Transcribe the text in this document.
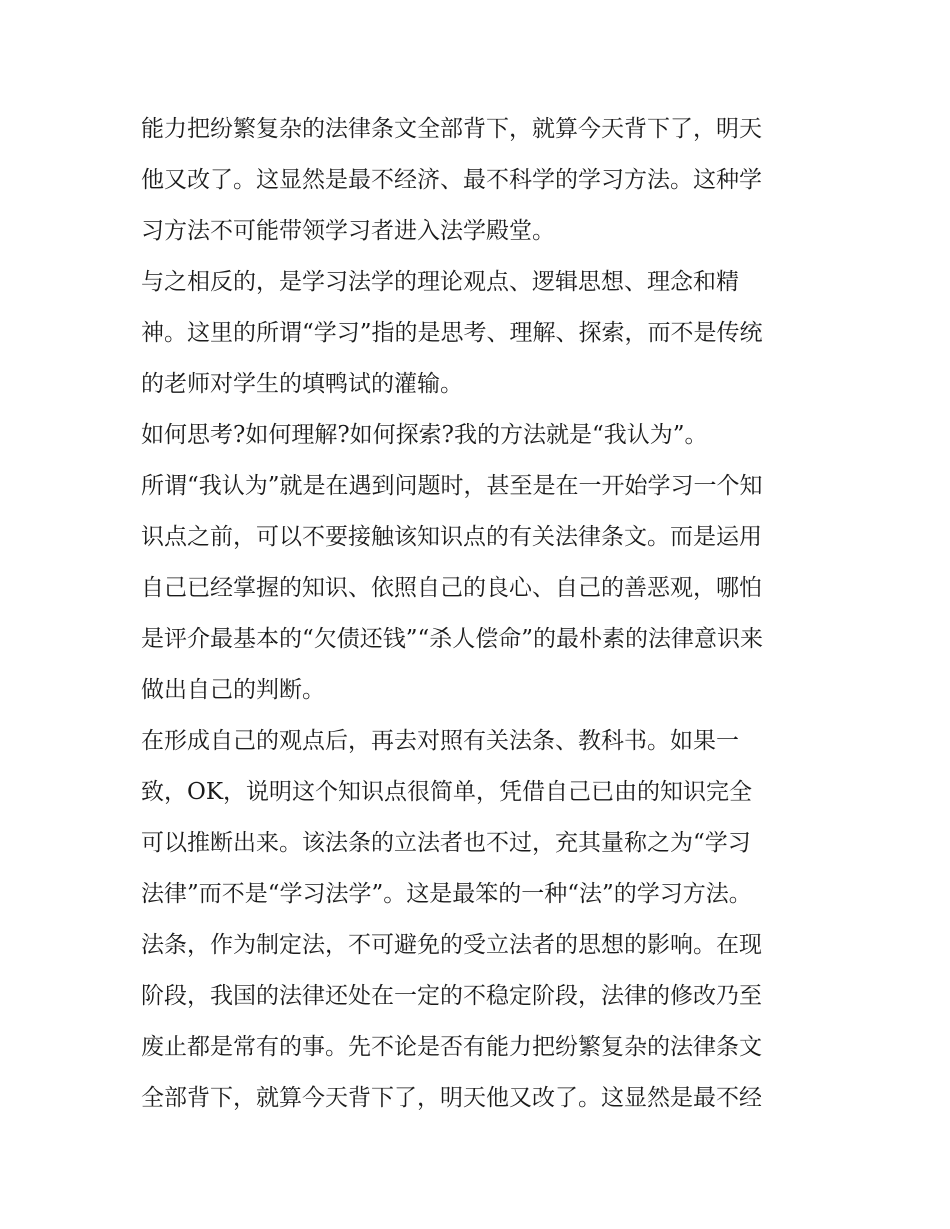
能力把纷繁复杂的法律条文全部背下，就算今天背下了，明天
他又改了。这显然是最不经济、最不科学的学习方法。这种学
习方法不可能带领学习者进入法学殿堂。
与之相反的，是学习法学的理论观点、逻辑思想、理念和精
神。这里的所谓“学习”指的是思考、理解、探索，而不是传统
的老师对学生的填鸭试的灌输。
如何思考?如何理解?如何探索?我的方法就是“我认为”。
所谓“我认为”就是在遇到问题时，甚至是在一开始学习一个知
识点之前，可以不要接触该知识点的有关法律条文。而是运用
自己已经掌握的知识、依照自己的良心、自己的善恶观，哪怕
是评介最基本的“欠债还钱”“杀人偿命”的最朴素的法律意识来
做出自己的判断。
在形成自己的观点后，再去对照有关法条、教科书。如果一
致，OK，说明这个知识点很简单，凭借自己已由的知识完全
可以推断出来。该法条的立法者也不过，充其量称之为“学习
法律”而不是“学习法学”。这是最笨的一种“法”的学习方法。
法条，作为制定法，不可避免的受立法者的思想的影响。在现
阶段，我国的法律还处在一定的不稳定阶段，法律的修改乃至
废止都是常有的事。先不论是否有能力把纷繁复杂的法律条文
全部背下，就算今天背下了，明天他又改了。这显然是最不经
